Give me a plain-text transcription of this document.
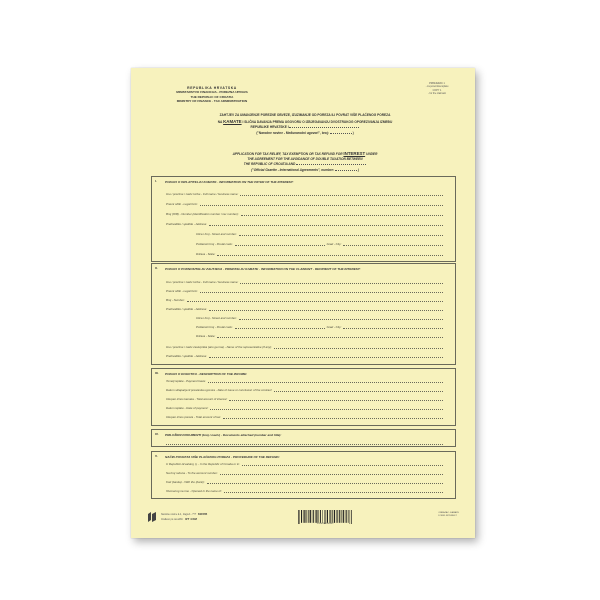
REPUBLIKA HRVATSKA
MINISTARSTVO FINANCIJA - POREZNA UPRAVA
THE REPUBLIC OF CROATIA
MINISTRY OF FINANCE - TAX ADMINISTRATION
PRIMJERAK 1
- za poreznika isplatu
COPY 1
- for the claimant
ZAHTJEV ZA UMANJENJE POREZNE OBVEZE, IZUZIMANJE OD POREZA ILI POVRAT VIŠE PLAĆENOG POREZA
NA KAMATE I SLIČNA DAVANJA PREMA UGOVORU O IZBJEGAVANJU DVOSTRUKOG OPOREZIVANJA IZMEĐU
REPUBLIKE HRVATSKE I
("Narodne novine - Međunarodni ugovori", broj:	)
APPLICATION FOR TAX RELIEF, TAX EXEMPTION OR TAX REFUND FOR INTEREST UNDER
THE AGREEMENT FOR THE AVOIDANCE OF DOUBLE TAXATION BETWEEN
THE REPUBLIC OF CROATIA AND
("Official Gazette - International Agreements", number:	)
I.	PODACI O ISPLATITELJU KAMATE - INFORMATION ON THE PAYER OF THE INTEREST:
Ime i prezime / naziv tvrtke - Full name / business name:
Pravni oblik - Legal form:
Broj (OIB) - Number (identification number / tax number):
Prebivalište / sjedište - Address:
Ulica i broj - Street and number:
Poštanski broj - Postal code:	Grad - City:
Država - State:
II. PODACI O PODNOSITELJU ZAHTJEVA - PRIMATELJU KAMATE - INFORMATION ON THE CLAIMANT - RECIPIENT OF THE INTEREST:
Ime i prezime / naziv tvrtke - Full name / business name:
Pravni oblik - Legal form:
Broj - Number:
Prebivalište / sjedište - Address:
Ulica i broj - Street and number:
Poštanski broj - Postal code:	Grad - City:
Država - State:
Ime i prezime / naziv zastupnika (ako ga ima) - Name of the representative (if any):
Prebivalište / sjedište - Address:
III. PODACI O DOHOTKU - DESCRIPTION OF THE INCOME:
Temelj isplate - Payment basis:
Datum sklapanja ili prestanka ugovora - Date of issue or conclusion of the contract:
Ukupan iznos kamata - Total amount of interest:
Datum isplate - Date of payment:
Ukupan iznos poreza - Total amount of tax:
IV. PRILOŽENI DOKUMENTI (broj i naziv) - Documents attached (number and title):
V. NAČIN POVRATA VIŠE PLAĆENOG POREZA - PROCEDURE OF THE REFUND:
U Republici Hrvatskoj, tj. - In the Republic of Croatia or in:
Na broj računa - To the account number:
Kod (banka) - With the (bank):
Otvorenog na ime - Opened in the name of:
Narodne novine d.d., Zagreb - ??? 811565
Izrađeno po narudžbi: IZT 4 KM
3 850117 566362
OBRAZAC: KAMATE
FORM: INTEREST
